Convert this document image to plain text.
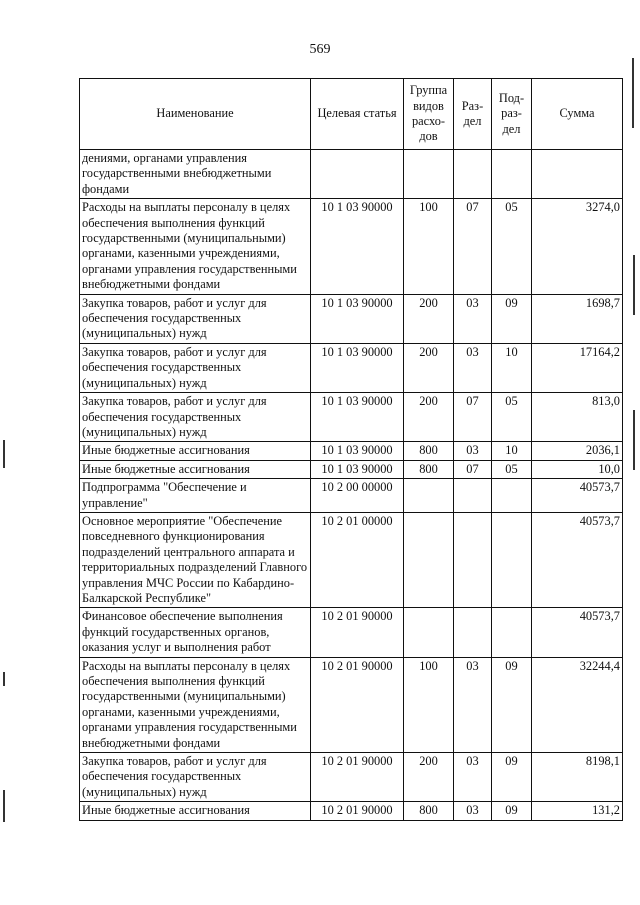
569
Наименование	Целевая статья	Группа видов расхо-дов	Раз-дел	Под-раз-дел	Сумма
дениями, органами управления государственными внебюджетными фондами					
Расходы на выплаты персоналу в целях обеспечения выполнения функций государственными (муниципальными) органами, казенными учреждениями, органами управления государственными внебюджетными фондами	10 1 03 90000	100	07	05	3274,0
Закупка товаров, работ и услуг для обеспечения государственных (муниципальных) нужд	10 1 03 90000	200	03	09	1698,7
Закупка товаров, работ и услуг для обеспечения государственных (муниципальных) нужд	10 1 03 90000	200	03	10	17164,2
Закупка товаров, работ и услуг для обеспечения государственных (муниципальных) нужд	10 1 03 90000	200	07	05	813,0
Иные бюджетные ассигнования	10 1 03 90000	800	03	10	2036,1
Иные бюджетные ассигнования	10 1 03 90000	800	07	05	10,0
Подпрограмма "Обеспечение и управление"	10 2 00 00000				40573,7
Основное мероприятие "Обеспечение повседневного функционирования подразделений центрального аппарата и территориальных подразделений Главного управления МЧС России по Кабардино-Балкарской Республике"	10 2 01 00000				40573,7
Финансовое обеспечение выполнения функций государственных органов, оказания услуг и выполнения работ	10 2 01 90000				40573,7
Расходы на выплаты персоналу в целях обеспечения выполнения функций государственными (муниципальными) органами, казенными учреждениями, органами управления государственными внебюджетными фондами	10 2 01 90000	100	03	09	32244,4
Закупка товаров, работ и услуг для обеспечения государственных (муниципальных) нужд	10 2 01 90000	200	03	09	8198,1
Иные бюджетные ассигнования	10 2 01 90000	800	03	09	131,2
